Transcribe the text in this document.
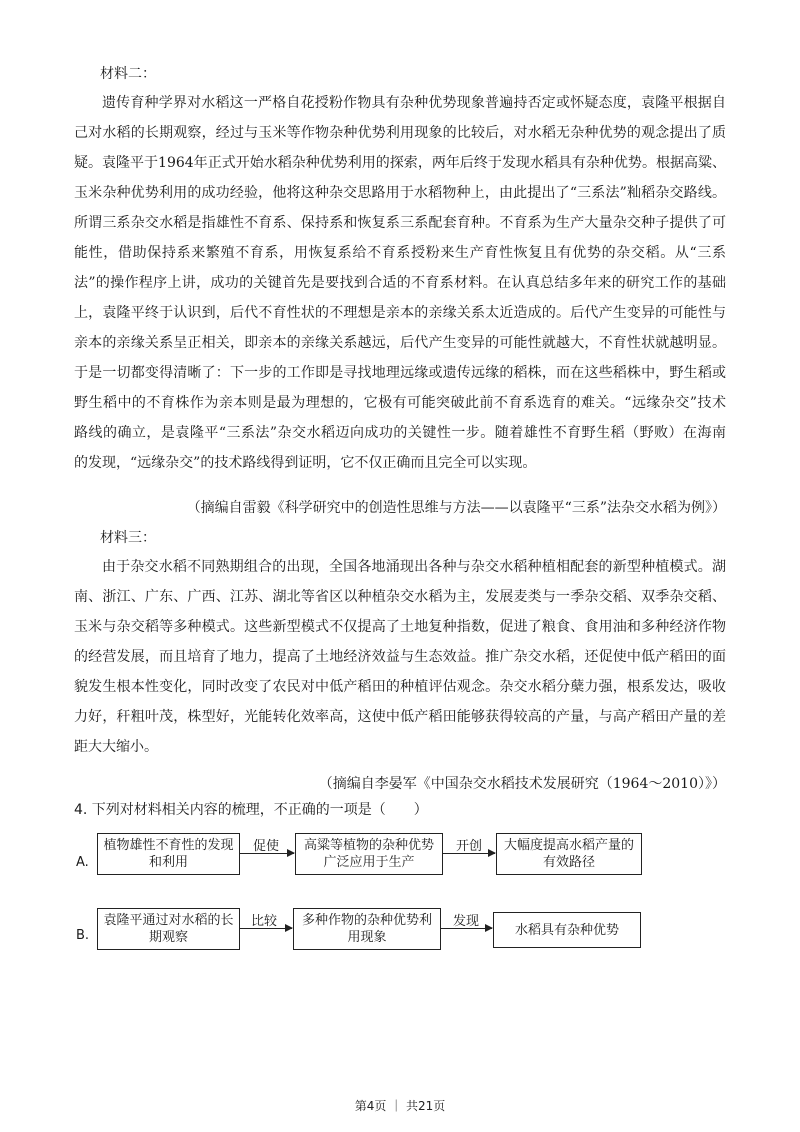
材料二：
遗传育种学界对水稻这一严格自花授粉作物具有杂种优势现象普遍持否定或怀疑态度，袁隆平根据自
己对水稻的长期观察，经过与玉米等作物杂种优势利用现象的比较后，对水稻无杂种优势的观念提出了质
疑。袁隆平于1964年正式开始水稻杂种优势利用的探索，两年后终于发现水稻具有杂种优势。根据高粱、
玉米杂种优势利用的成功经验，他将这种杂交思路用于水稻物种上，由此提出了“三系法”籼稻杂交路线。
所谓三系杂交水稻是指雄性不育系、保持系和恢复系三系配套育种。不育系为生产大量杂交种子提供了可
能性，借助保持系来繁殖不育系，用恢复系给不育系授粉来生产育性恢复且有优势的杂交稻。从“三系
法”的操作程序上讲，成功的关键首先是要找到合适的不育系材料。在认真总结多年来的研究工作的基础
上，袁隆平终于认识到，后代不育性状的不理想是亲本的亲缘关系太近造成的。后代产生变异的可能性与
亲本的亲缘关系呈正相关，即亲本的亲缘关系越远，后代产生变异的可能性就越大，不育性状就越明显。
于是一切都变得清晰了：下一步的工作即是寻找地理远缘或遗传远缘的稻株，而在这些稻株中，野生稻或
野生稻中的不育株作为亲本则是最为理想的，它极有可能突破此前不育系选育的难关。“远缘杂交”技术
路线的确立，是袁隆平“三系法”杂交水稻迈向成功的关键性一步。随着雄性不育野生稻（野败）在海南
的发现，“远缘杂交”的技术路线得到证明，它不仅正确而且完全可以实现。
（摘编自雷毅《科学研究中的创造性思维与方法——以袁隆平“三系”法杂交水稻为例》）
材料三：
由于杂交水稻不同熟期组合的出现，全国各地涌现出各种与杂交水稻种植相配套的新型种植模式。湖
南、浙江、广东、广西、江苏、湖北等省区以种植杂交水稻为主，发展麦类与一季杂交稻、双季杂交稻、
玉米与杂交稻等多种模式。这些新型模式不仅提高了土地复种指数，促进了粮食、食用油和多种经济作物
的经营发展，而且培育了地力，提高了土地经济效益与生态效益。推广杂交水稻，还促使中低产稻田的面
貌发生根本性变化，同时改变了农民对中低产稻田的种植评估观念。杂交水稻分蘖力强，根系发达，吸收
力好，秆粗叶茂，株型好，光能转化效率高，这使中低产稻田能够获得较高的产量，与高产稻田产量的差
距大大缩小。
（摘编自李晏军《中国杂交水稻技术发展研究（1964～2010）》）
4. 下列对材料相关内容的梳理，不正确的一项是（　　）
A.
植物雄性不育性的发现和利用
促使	高粱等植物的杂种优势广泛应用于生产
开创	大幅度提高水稻产量的有效路径
B.
袁隆平通过对水稻的长期观察
比较	多种作物的杂种优势利用现象
发现
水稻具有杂种优势
第4页 ｜ 共21页
